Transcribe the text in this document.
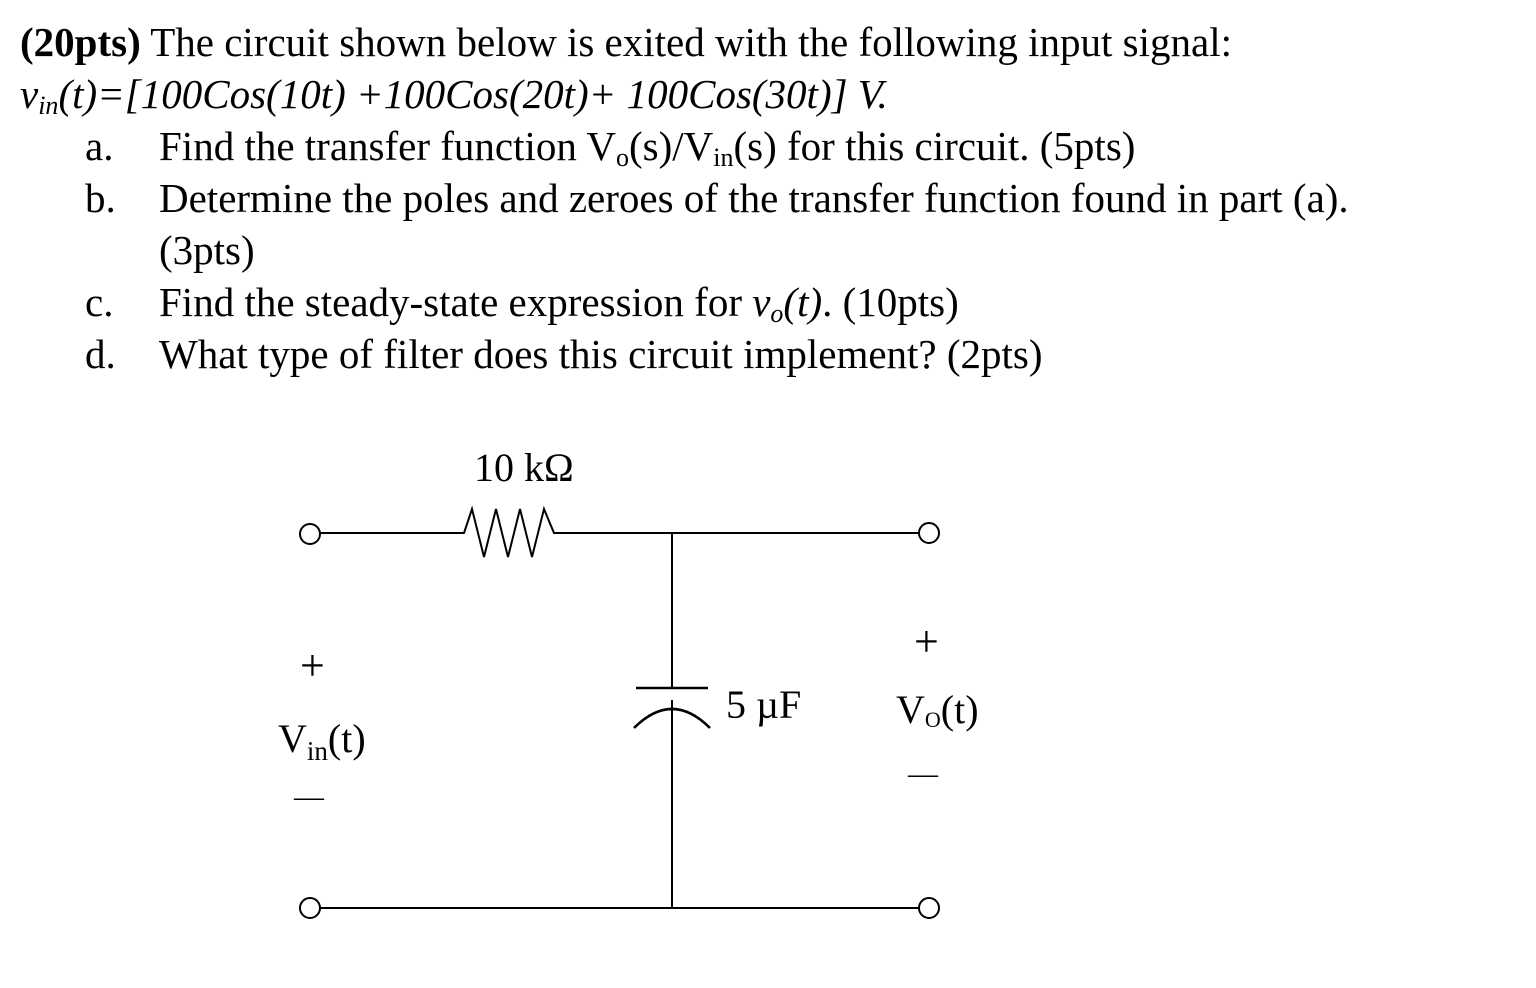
(20pts) The circuit shown below is exited with the following input signal:
$v_{in}(t)=[100Cos(10t) +100Cos(20t)+ 100Cos(30t)]$ V.
a. Find the transfer function $V_o(s)/V_{in}(s)$ for this circuit. (5pts)
b. Determine the poles and zeroes of the transfer function found in part (a).
(3pts)
c. Find the steady-state expression for $v_o(t)$. (10pts)
d. What type of filter does this circuit implement? (2pts)
10 kΩ
5 µF
+
$V_{in}(t)$
—
+
$V_O(t)$
—
